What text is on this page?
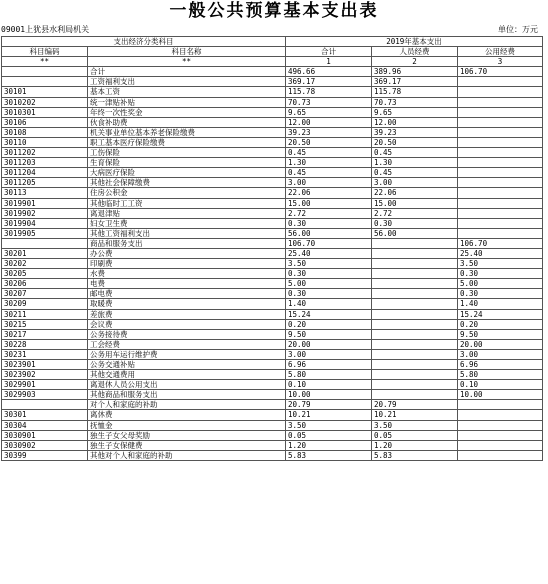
一般公共预算基本支出表
09001上犹县水利局机关	单位：万元
支出经济分类科目		2019年基本支出		
科目编码	科目名称	合计	人员经费	公用经费
**	**	1	2	3
	合计	496.66	389.96	106.70
	工资福利支出	369.17	369.17	
30101	基本工资	115.78	115.78	
3010202	统一津贴补贴	70.73	70.73	
3010301	年终一次性奖金	9.65	9.65	
30106	伙食补助费	12.00	12.00	
30108	机关事业单位基本养老保险缴费	39.23	39.23	
30110	职工基本医疗保险缴费	20.50	20.50	
3011202	工伤保险	0.45	0.45	
3011203	生育保险	1.30	1.30	
3011204	大病医疗保险	0.45	0.45	
3011205	其他社会保障缴费	3.00	3.00	
30113	住房公积金	22.06	22.06	
3019901	其他临时工工资	15.00	15.00	
3019902	离退津贴	2.72	2.72	
3019904	妇女卫生费	0.30	0.30	
3019905	其他工资福利支出	56.00	56.00	
	商品和服务支出	106.70		106.70
30201	办公费	25.40		25.40
30202	印刷费	3.50		3.50
30205	水费	0.30		0.30
30206	电费	5.00		5.00
30207	邮电费	0.30		0.30
30209	取暖费	1.40		1.40
30211	差旅费	15.24		15.24
30215	会议费	0.20		0.20
30217	公务接待费	9.50		9.50
30228	工会经费	20.00		20.00
30231	公务用车运行维护费	3.00		3.00
3023901	公务交通补贴	6.96		6.96
3023902	其他交通费用	5.80		5.80
3029901	离退休人员公用支出	0.10		0.10
3029903	其他商品和服务支出	10.00		10.00
	对个人和家庭的补助	20.79	20.79	
30301	离休费	10.21	10.21	
30304	抚恤金	3.50	3.50	
3030901	独生子女父母奖励	0.05	0.05	
3030902	独生子女保健费	1.20	1.20	
30399	其他对个人和家庭的补助	5.83	5.83	
